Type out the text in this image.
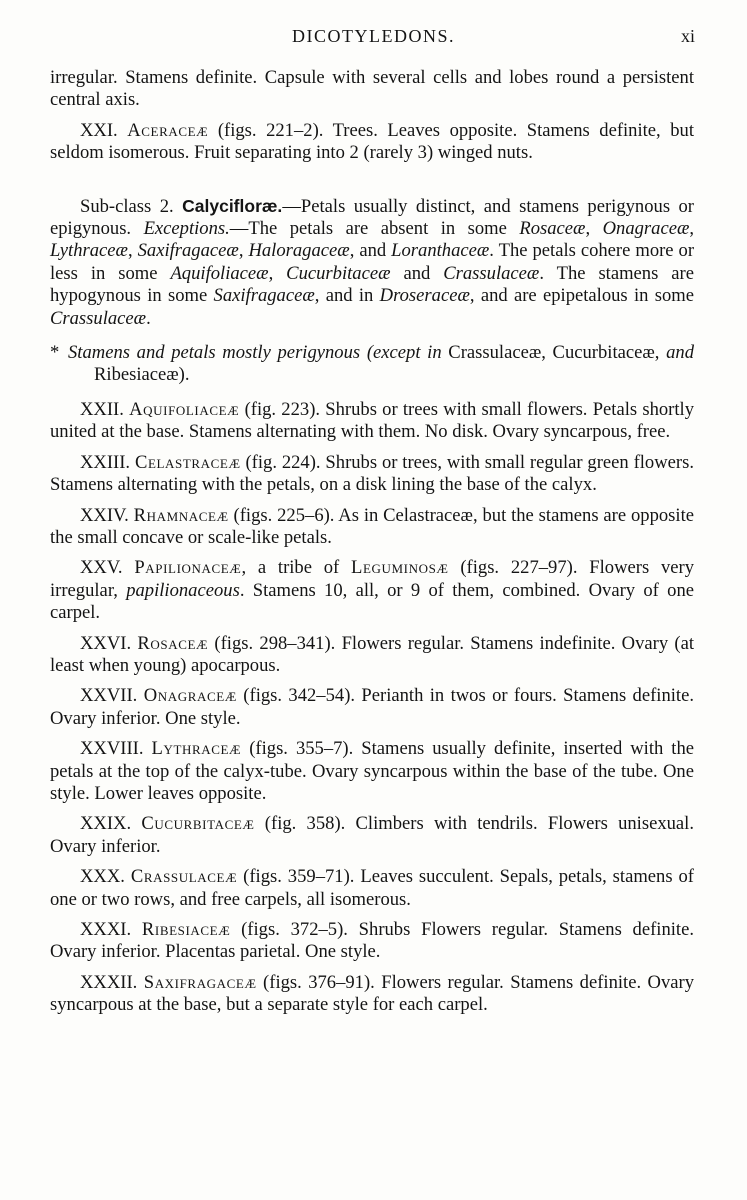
DICOTYLEDONS.	xi

irregular. Stamens definite. Capsule with several cells and lobes round a persistent central axis.

XXI. Aceraceæ (figs. 221–2). Trees. Leaves opposite. Stamens definite, but seldom isomerous. Fruit separating into 2 (rarely 3) winged nuts.

Sub-class 2. Calyciﬂoræ.—Petals usually distinct, and stamens perigynous or epigynous. Exceptions.—The petals are absent in some Rosaceæ, Onagraceæ, Lythraceæ, Saxifragaceæ, Haloragaceæ, and Loranthaceæ. The petals cohere more or less in some Aquifoliaceæ, Cucurbitaceæ and Crassulaceæ. The stamens are hypogynous in some Saxifragaceæ, and in Droseraceæ, and are epipetalous in some Crassulaceæ.

* Stamens and petals mostly perigynous (except in Crassulaceæ, Cucurbitaceæ, and Ribesiaceæ).

XXII. Aquifoliaceæ (fig. 223). Shrubs or trees with small flowers. Petals shortly united at the base. Stamens alternating with them. No disk. Ovary syncarpous, free.

XXIII. Celastraceæ (fig. 224). Shrubs or trees, with small regular green flowers. Stamens alternating with the petals, on a disk lining the base of the calyx.

XXIV. Rhamnaceæ (figs. 225–6). As in Celastraceæ, but the stamens are opposite the small concave or scale-like petals.

XXV. Papilionaceæ, a tribe of Leguminosæ (figs. 227–97). Flowers very irregular, papilionaceous. Stamens 10, all, or 9 of them, combined. Ovary of one carpel.

XXVI. Rosaceæ (figs. 298–341). Flowers regular. Stamens indefinite. Ovary (at least when young) apocarpous.

XXVII. Onagraceæ (figs. 342–54). Perianth in twos or fours. Stamens definite. Ovary inferior. One style.

XXVIII. Lythraceæ (figs. 355–7). Stamens usually definite, inserted with the petals at the top of the calyx-tube. Ovary syncarpous within the base of the tube. One style. Lower leaves opposite.

XXIX. Cucurbitaceæ (fig. 358). Climbers with tendrils. Flowers unisexual. Ovary inferior.

XXX. Crassulaceæ (figs. 359–71). Leaves succulent. Sepals, petals, stamens of one or two rows, and free carpels, all isomerous.

XXXI. Ribesiaceæ (figs. 372–5). Shrubs Flowers regular. Stamens definite. Ovary inferior. Placentas parietal. One style.

XXXII. Saxifragaceæ (figs. 376–91). Flowers regular. Stamens definite. Ovary syncarpous at the base, but a separate style for each carpel.
